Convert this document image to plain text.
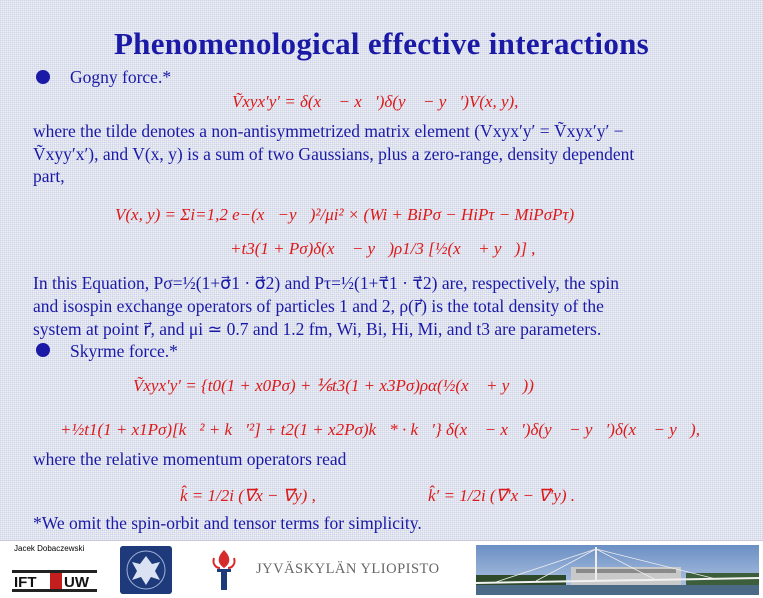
Phenomenological effective interactions
Gogny force.*
Ṽxyx′y′ = δ(x⃗ − x⃗′)δ(y⃗ − y⃗′)V(x, y),
where the tilde denotes a non-antisymmetrized matrix element (Vxyx′y′ = Ṽxyx′y′ −
Ṽxyy′x′), and V(x, y) is a sum of two Gaussians, plus a zero-range, density dependent
part,
V(x, y) = Σi=1,2 e−(x⃗−y⃗)²/μi² × (Wi + BiPσ − HiPτ − MiPσPτ)
+t3(1 + Pσ)δ(x⃗ − y⃗)ρ1/3 [½(x⃗ + y⃗)] ,
In this Equation, Pσ=½(1+σ⃗1 · σ⃗2) and Pτ=½(1+τ⃗1 · τ⃗2) are, respectively, the spin
and isospin exchange operators of particles 1 and 2, ρ(r⃗) is the total density of the
system at point r⃗, and μi ≃ 0.7 and 1.2 fm, Wi, Bi, Hi, Mi, and t3 are parameters.
Skyrme force.*
Ṽxyx′y′ = {t0(1 + x0Pσ) + ⅙t3(1 + x3Pσ)ρα(½(x⃗ + y⃗))
+½t1(1 + x1Pσ)[k⃗² + k⃗′²] + t2(1 + x2Pσ)k⃗* · k⃗′} δ(x⃗ − x⃗′)δ(y⃗ − y⃗′)δ(x⃗ − y⃗),
where the relative momentum operators read
k̂ = 1/2i (∇⃗x − ∇⃗y) ,	k̂′ = 1/2i (∇⃗′x − ∇⃗′y) .
*We omit the spin-orbit and tensor terms for simplicity.
Jacek Dobaczewski
IFT UW
JYVÄSKYLÄN YLIOPISTO
